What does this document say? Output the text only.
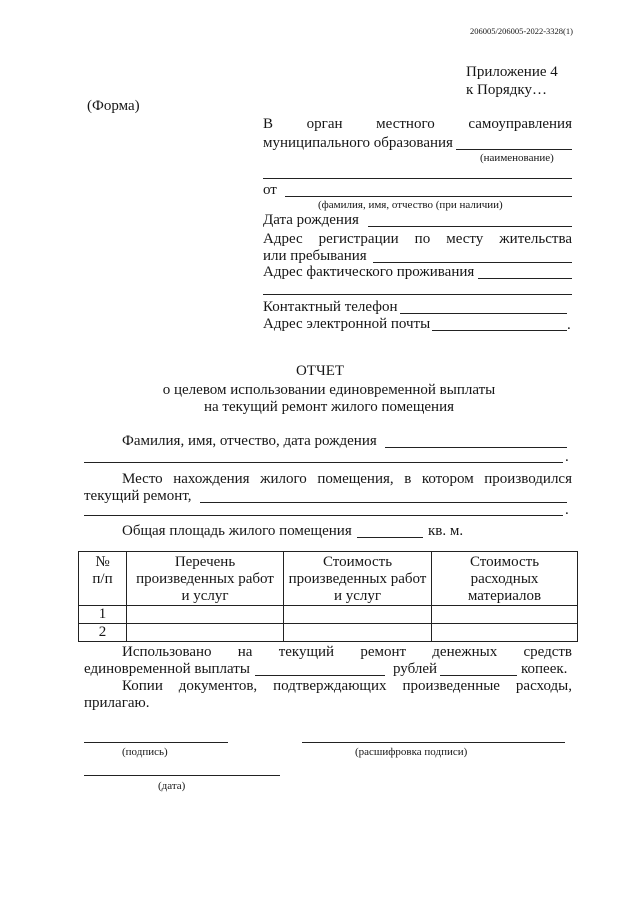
206005/206005-2022-3328(1)
Приложение 4
к Порядку…
(Форма)
В орган местного самоуправления
муниципального образования
(наименование)
от
(фамилия, имя, отчество (при наличии)
Дата рождения
Адрес регистрации по месту жительства
или пребывания
Адрес фактического проживания
Контактный телефон
Адрес электронной почты	.
ОТЧЕТ
о целевом использовании единовременной выплаты
на текущий ремонт жилого помещения
Фамилия, имя, отчество, дата рождения
.
Место нахождения жилого помещения, в котором производился
текущий ремонт,
.
Общая площадь жилого помещения	кв. м.
№
п/п	Перечень
произведенных работ
и услуг	Стоимость
произведенных работ
и услуг	Стоимость
расходных
материалов
1			
2			
Использовано на текущий ремонт денежных средств
единовременной выплаты	рублей	копеек.
Копии документов, подтверждающих произведенные расходы,
прилагаю.
(подпись)	(расшифровка подписи)
(дата)
